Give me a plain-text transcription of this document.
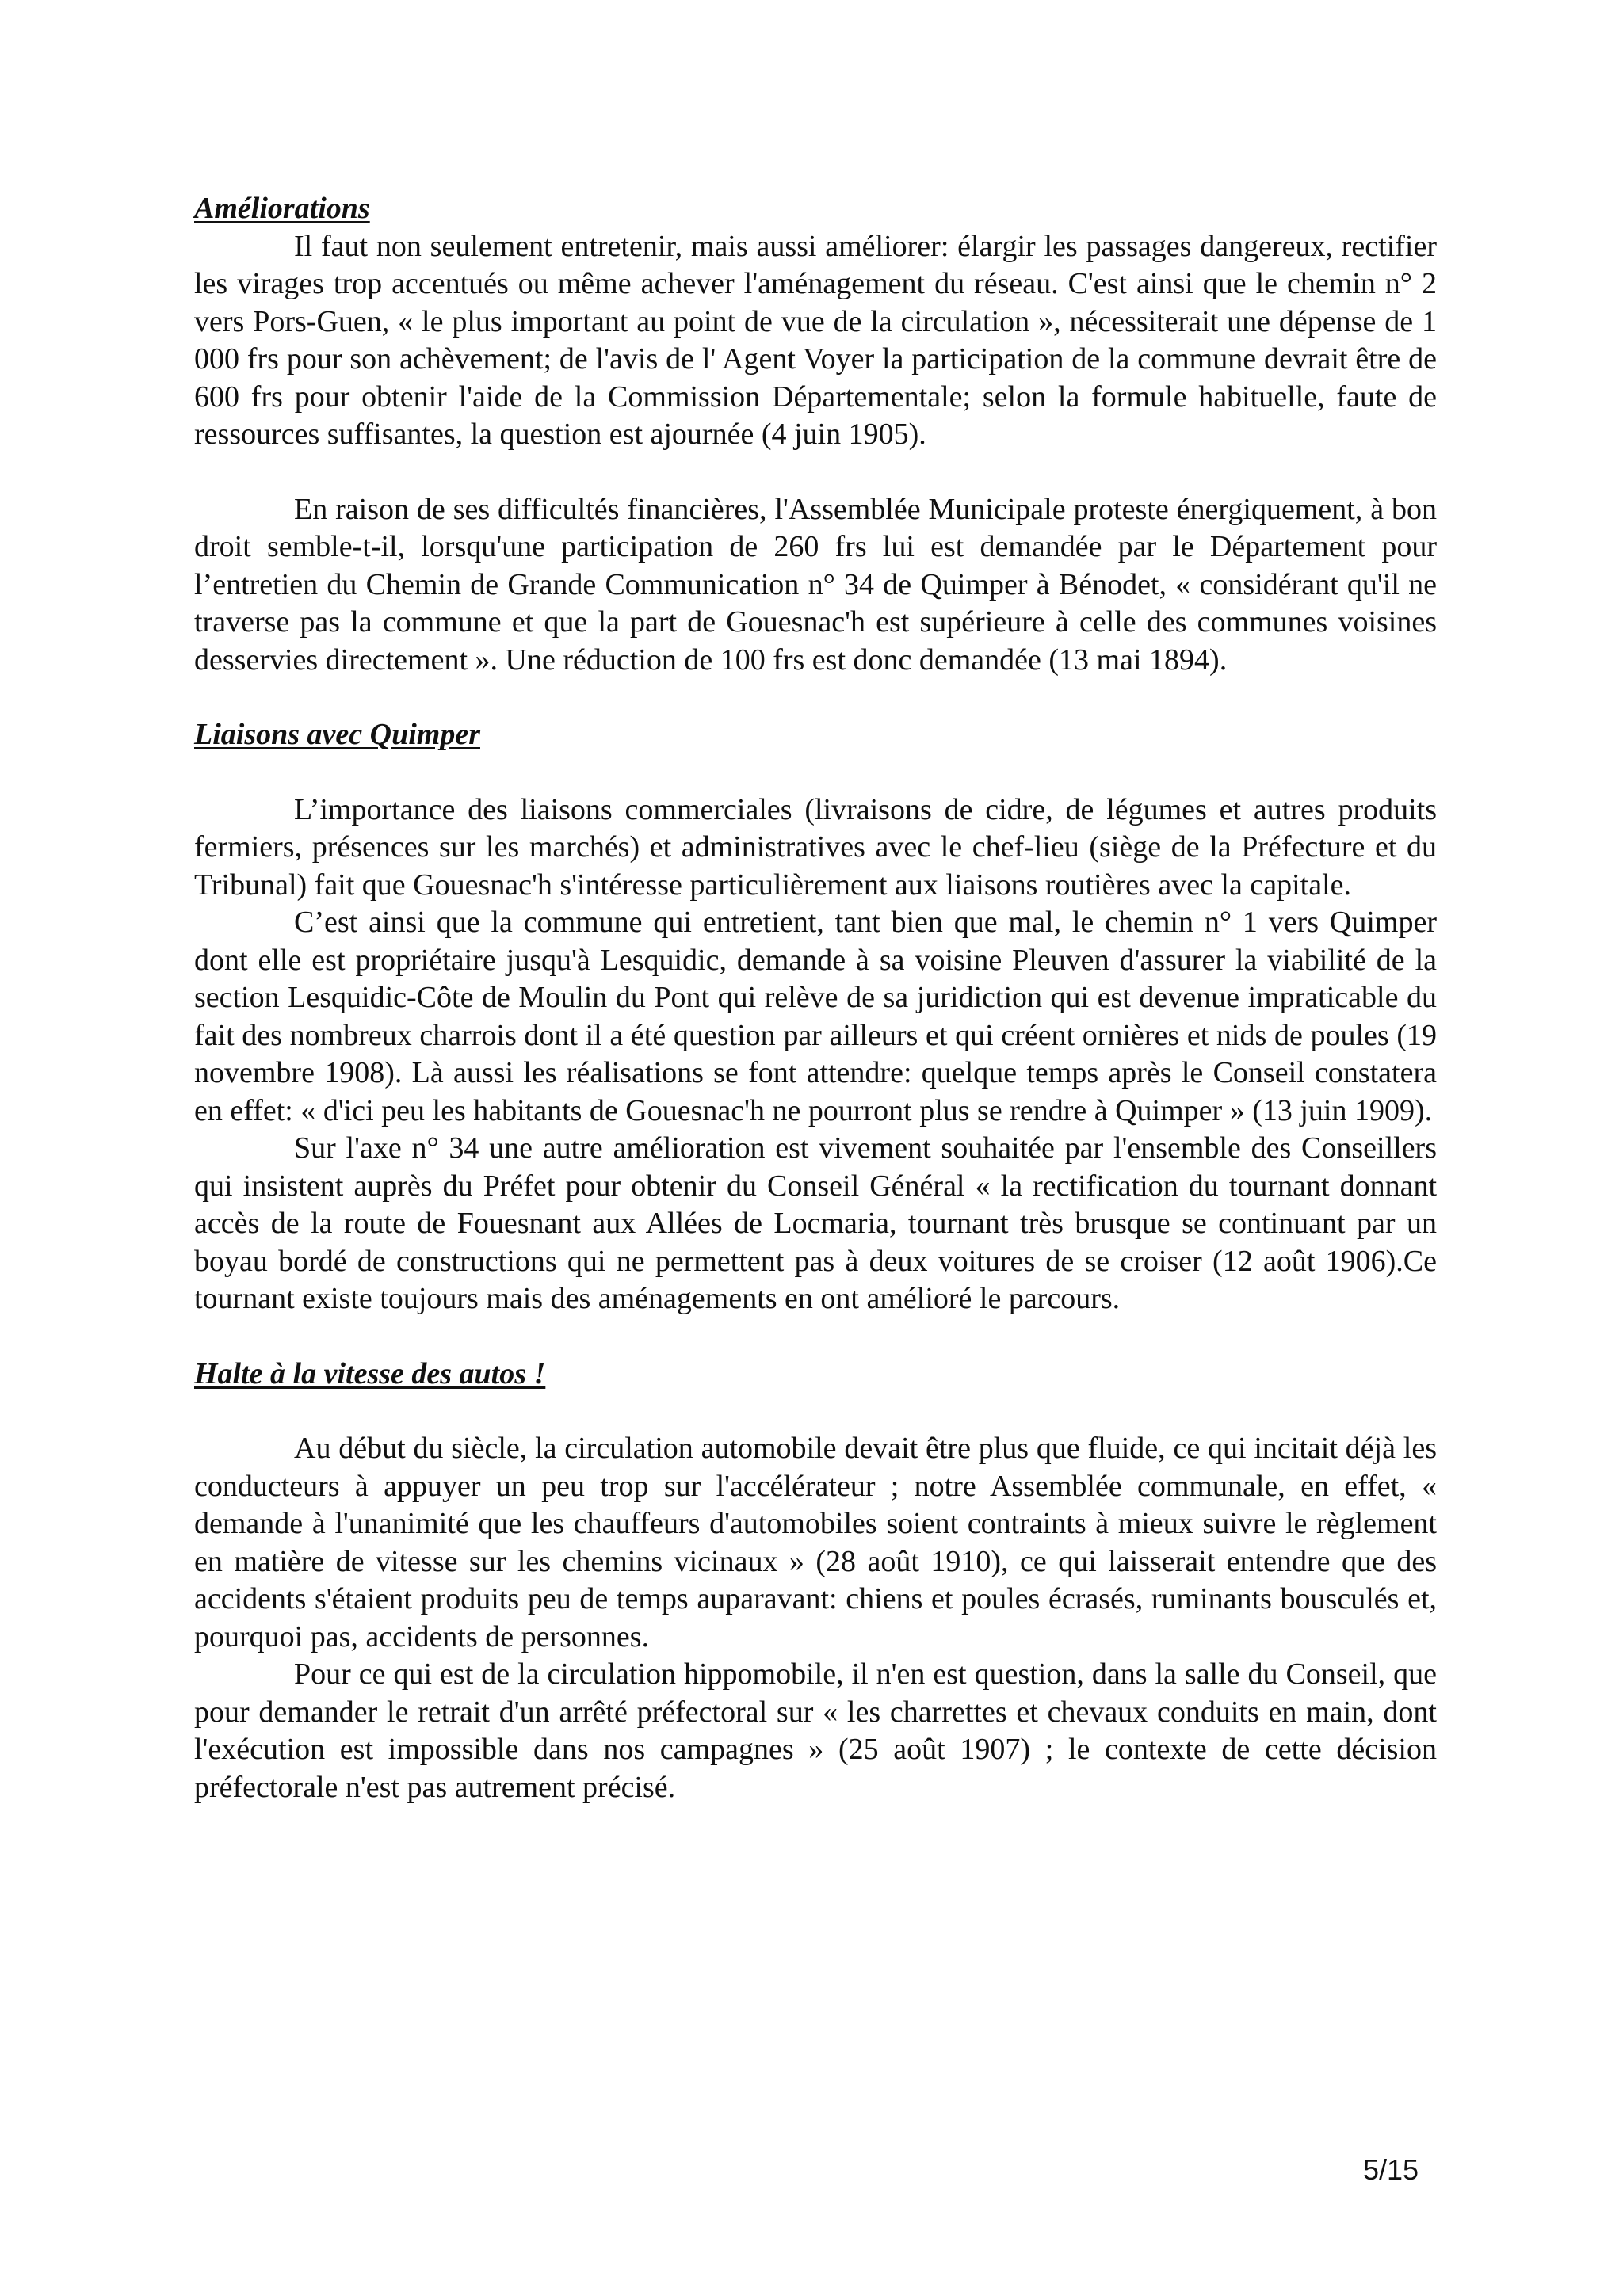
Améliorations

Il faut non seulement entretenir, mais aussi améliorer: élargir les passages dangereux, rectifier les virages trop accentués ou même achever l'aménagement du réseau. C'est ainsi que le chemin n° 2 vers Pors-Guen, « le plus important au point de vue de la circulation », nécessiterait une dépense de 1 000 frs pour son achèvement; de l'avis de l' Agent Voyer la participation de la commune devrait être de 600 frs pour obtenir l'aide de la Commission Départementale; selon la formule habituelle, faute de ressources suffisantes, la question est ajournée (4 juin 1905).

En raison de ses difficultés financières, l'Assemblée Municipale proteste énergiquement, à bon droit semble-t-il, lorsqu'une participation de 260 frs lui est demandée par le Département pour l’entretien du Chemin de Grande Communication n° 34 de Quimper à Bénodet, « considérant qu'il ne traverse pas la commune et que la part de Gouesnac'h est supérieure à celle des communes voisines desservies directement ». Une réduction de 100 frs est donc demandée (13 mai 1894).

Liaisons avec Quimper

L’importance des liaisons commerciales (livraisons de cidre, de légumes et autres produits fermiers, présences sur les marchés) et administratives avec le chef-lieu (siège de la Préfecture et du Tribunal) fait que Gouesnac'h s'intéresse particulièrement aux liaisons routières avec la capitale.

C’est ainsi que la commune qui entretient, tant bien que mal, le chemin n° 1 vers Quimper dont elle est propriétaire jusqu'à Lesquidic, demande à sa voisine Pleuven d'assurer la viabilité de la section Lesquidic-Côte de Moulin du Pont qui relève de sa juridiction qui est devenue impraticable du fait des nombreux charrois dont il a été question par ailleurs et qui créent ornières et nids de poules (19 novembre 1908). Là aussi les réalisations se font attendre: quelque temps après le Conseil constatera en effet: « d'ici peu les habitants de Gouesnac'h ne pourront plus se rendre à Quimper » (13 juin 1909).

Sur l'axe n° 34 une autre amélioration est vivement souhaitée par l'ensemble des Conseillers qui insistent auprès du Préfet pour obtenir du Conseil Général « la rectification du tournant donnant accès de la route de Fouesnant aux Allées de Locmaria, tournant très brusque se continuant par un boyau bordé de constructions qui ne permettent pas à deux voitures de se croiser (12 août 1906).Ce tournant existe toujours mais des aménagements en ont amélioré le parcours.

Halte à la vitesse des autos !

Au début du siècle, la circulation automobile devait être plus que fluide, ce qui incitait déjà les conducteurs à appuyer un peu trop sur l'accélérateur ; notre Assemblée communale, en effet, « demande à l'unanimité que les chauffeurs d'automobiles soient contraints à mieux suivre le règlement en matière de vitesse sur les chemins vicinaux » (28 août 1910), ce qui laisserait entendre que des accidents s'étaient produits peu de temps auparavant: chiens et poules écrasés, ruminants bousculés et, pourquoi pas, accidents de personnes.

Pour ce qui est de la circulation hippomobile, il n'en est question, dans la salle du Conseil, que pour demander le retrait d'un arrêté préfectoral sur « les charrettes et chevaux conduits en main, dont l'exécution est impossible dans nos campagnes » (25 août 1907) ; le contexte de cette décision préfectorale n'est pas autrement précisé.

5/15
